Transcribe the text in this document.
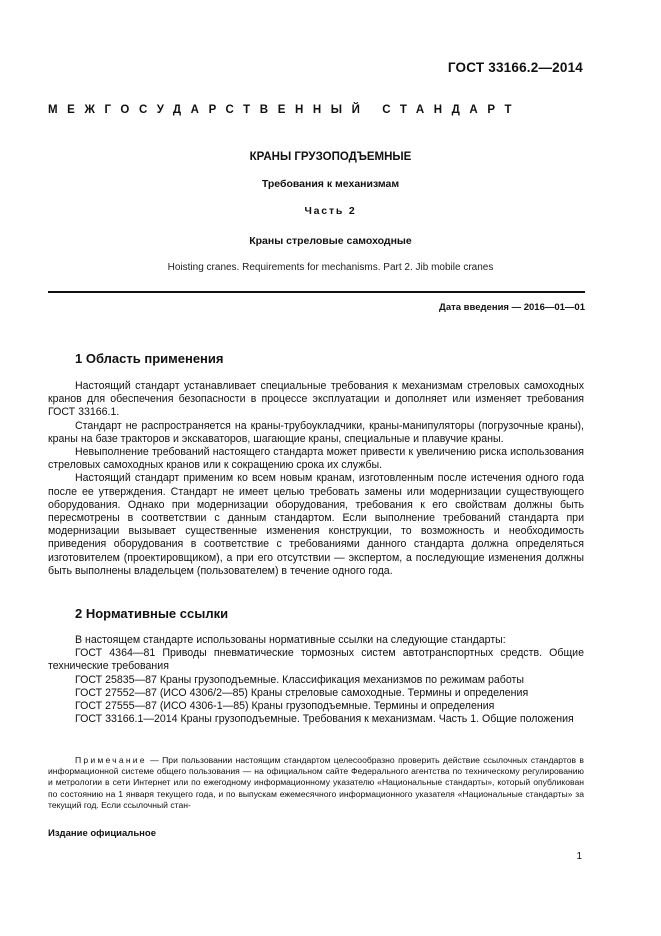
ГОСТ 33166.2—2014
МЕЖГОСУДАРСТВЕННЫЙ СТАНДАРТ
КРАНЫ ГРУЗОПОДЪЕМНЫЕ
Требования к механизмам
Часть 2
Краны стреловые самоходные
Hoisting cranes. Requirements for mechanisms. Part 2. Jib mobile cranes
Дата введения — 2016—01—01
1 Область применения

Настоящий стандарт устанавливает специальные требования к механизмам стреловых самоходных кранов для обеспечения безопасности в процессе эксплуатации и дополняет или изменяет требования ГОСТ 33166.1.

Стандарт не распространяется на краны-трубоукладчики, краны-манипуляторы (погрузочные краны), краны на базе тракторов и экскаваторов, шагающие краны, специальные и плавучие краны.

Невыполнение требований настоящего стандарта может привести к увеличению риска использования стреловых самоходных кранов или к сокращению срока их службы.

Настоящий стандарт применим ко всем новым кранам, изготовленным после истечения одного года после ее утверждения. Стандарт не имеет целью требовать замены или модернизации существующего оборудования. Однако при модернизации оборудования, требования к его свойствам должны быть пересмотрены в соответствии с данным стандартом. Если выполнение требований стандарта при модернизации вызывает существенные изменения конструкции, то возможность и необходимость приведения оборудования в соответствие с требованиями данного стандарта должна определяться изготовителем (проектировщиком), а при его отсутствии — экспертом, а последующие изменения должны быть выполнены владельцем (пользователем) в течение одного года.

2 Нормативные ссылки

В настоящем стандарте использованы нормативные ссылки на следующие стандарты:

ГОСТ 4364—81 Приводы пневматические тормозных систем автотранспортных средств. Общие технические требования

ГОСТ 25835—87 Краны грузоподъемные. Классификация механизмов по режимам работы

ГОСТ 27552—87 (ИСО 4306/2—85) Краны стреловые самоходные. Термины и определения

ГОСТ 27555—87 (ИСО 4306-1—85) Краны грузоподъемные. Термины и определения

ГОСТ 33166.1—2014 Краны грузоподъемные. Требования к механизмам. Часть 1. Общие положения

Примечание — При пользовании настоящим стандартом целесообразно проверить действие ссылочных стандартов в информационной системе общего пользования — на официальном сайте Федерального агентства по техническому регулированию и метрологии в сети Интернет или по ежегодному информационному указателю «Национальные стандарты», который опубликован по состоянию на 1 января текущего года, и по выпускам ежемесячного информационного указателя «Национальные стандарты» за текущий год. Если ссылочный стан-

Издание официальное
1
